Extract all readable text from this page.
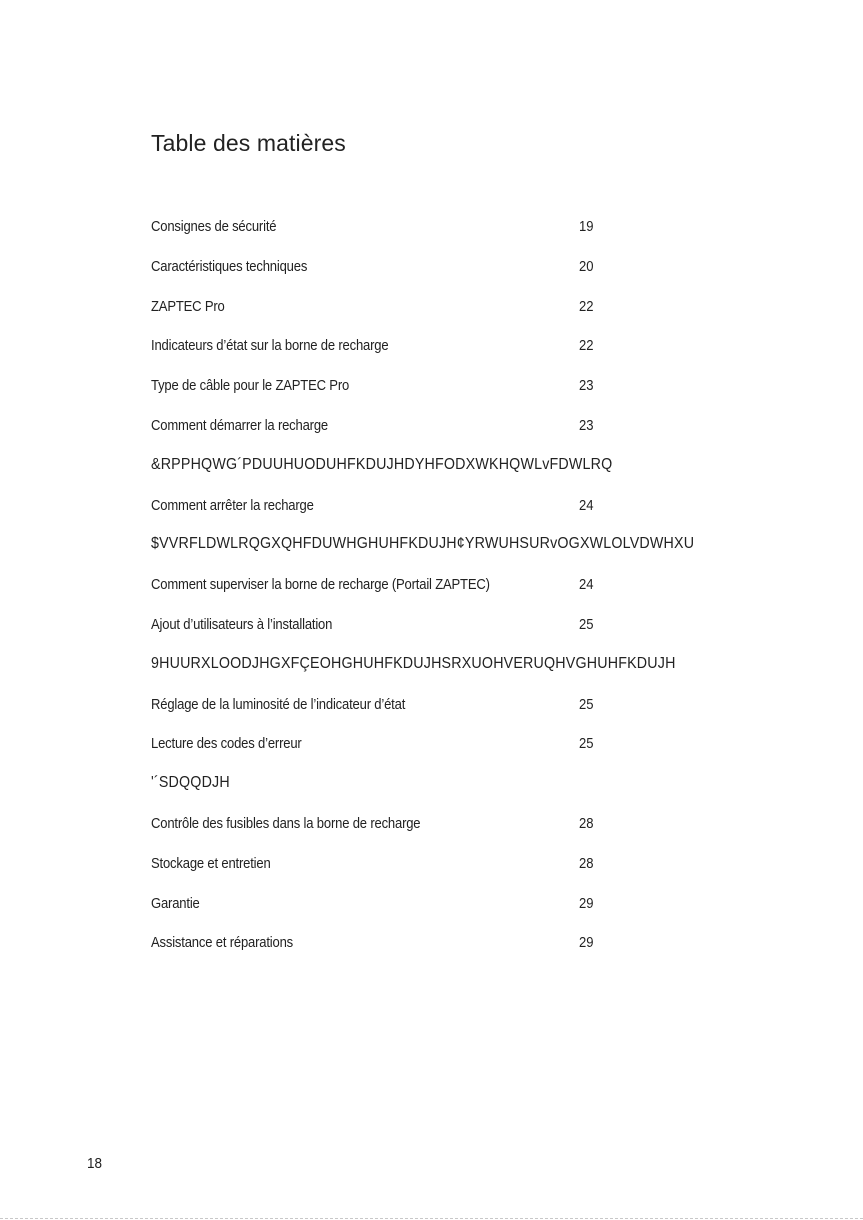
Table des matières
Consignes de sécurité	19
Caractéristiques techniques	20
ZAPTEC Pro	22
Indicateurs d’état sur la borne de recharge	22
Type de câble pour le ZAPTEC Pro	23
Comment démarrer la recharge	23
&RPPHQWG´PDUUHUODUHFKDUJHDYHFODXWKHQWLvFDWLRQ
Comment arrêter la recharge	24
$VVRFLDWLRQGXQHFDUWHGHUHFKDUJH¢YRWUHSURvOGXWLOLVDWHXU
Comment superviser la borne de recharge (Portail ZAPTEC)	24
Ajout d’utilisateurs à l’installation	25
9HUURXLOODJHGXFÇEOHGHUHFKDUJHSRXUOHVERUQHVGHUHFKDUJH
Réglage de la luminosité de l’indicateur d’état	25
Lecture des codes d’erreur	25
'´SDQQDJH
Contrôle des fusibles dans la borne de recharge	28
Stockage et entretien	28
Garantie	29
Assistance et réparations	29
18
